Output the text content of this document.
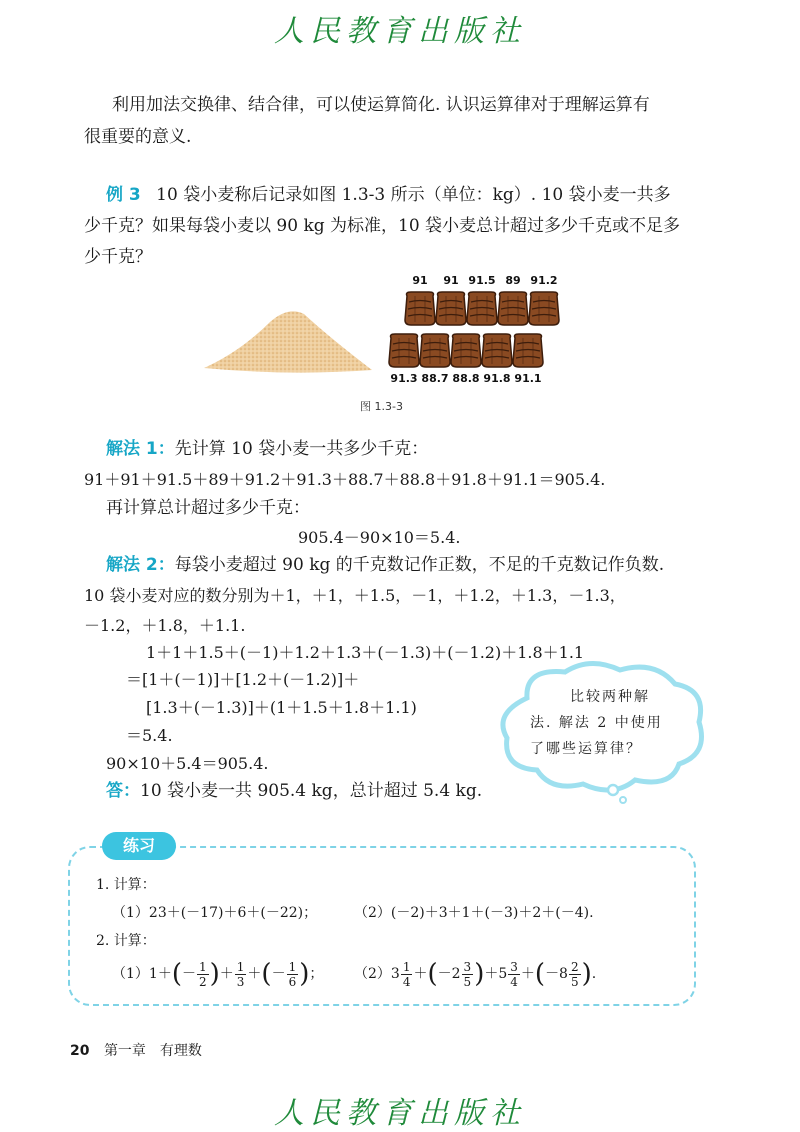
人民教育出版社
利用加法交换律、结合律，可以使运算简化. 认识运算律对于理解运算有
很重要的意义.
例 3 10 袋小麦称后记录如图 1.3-3 所示（单位：kg）. 10 袋小麦一共多
少千克？如果每袋小麦以 90 kg 为标准，10 袋小麦总计超过多少千克或不足多
少千克？
91	91 91.5 89 91.2
91.3 88.7 88.8 91.8 91.1
图 1.3-3
解法 1：先计算 10 袋小麦一共多少千克：
91＋91＋91.5＋89＋91.2＋91.3＋88.7＋88.8＋91.8＋91.1＝905.4.
再计算总计超过多少千克：
905.4－90×10＝5.4.
解法 2：每袋小麦超过 90 kg 的千克数记作正数，不足的千克数记作负数.
10 袋小麦对应的数分别为＋1，＋1，＋1.5，－1，＋1.2，＋1.3，－1.3，
－1.2，＋1.8，＋1.1.
1＋1＋1.5＋(－1)＋1.2＋1.3＋(－1.3)＋(－1.2)＋1.8＋1.1
＝[1＋(－1)]＋[1.2＋(－1.2)]＋
[1.3＋(－1.3)]＋(1＋1.5＋1.8＋1.1)
＝5.4.
90×10＋5.4＝905.4.
答：10 袋小麦一共 905.4 kg，总计超过 5.4 kg.
比较两种解
法. 解法 2 中使用
了哪些运算律？
练习
1. 计算：
（1）23＋(－17)＋6＋(－22)；	（2）(－2)＋3＋1＋(－3)＋2＋(－4).
2. 计算：
$(1)1+(- \frac{1}{2}$ )＋ $\frac{1}{3}$ ＋(－ $\frac{1}{6}$ )； $(2)3 \frac{1}{4} +(-2 \frac{3}{5} )+5 \frac{3}{4} +(-8 \frac{2}{5}$ ).
20 第一章　有理数
人民教育出版社
